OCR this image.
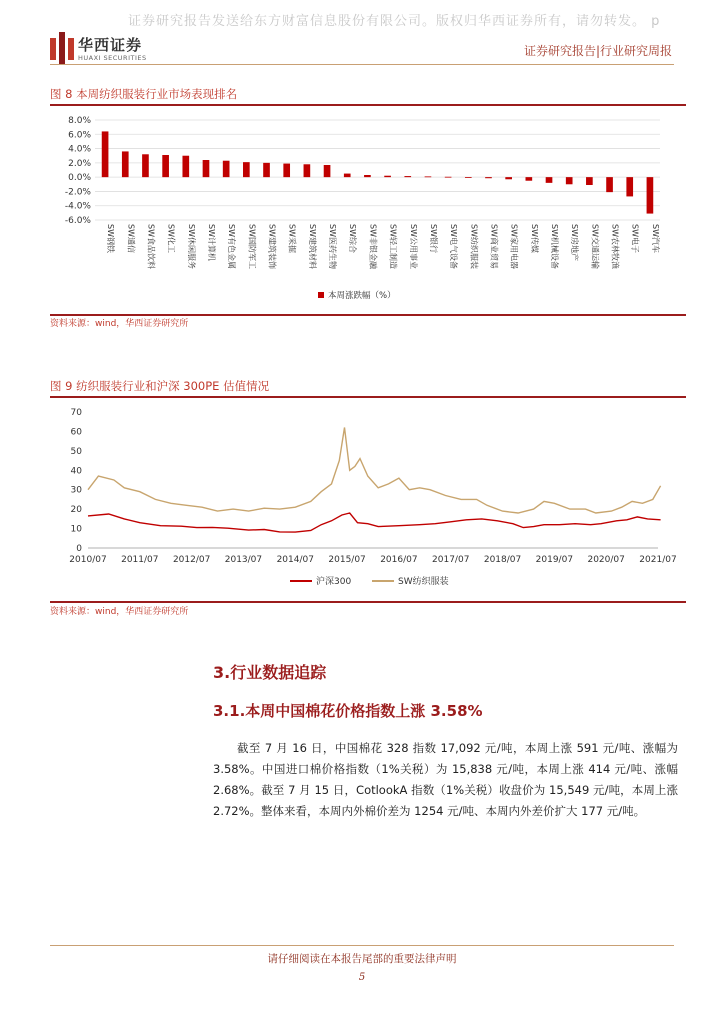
证券研究报告发送给东方财富信息股份有限公司。版权归华西证券所有，请勿转发。 p
华西证券
HUAXI SECURITIES	证券研究报告|行业研究周报
图 8 本周纺织服装行业市场表现排名
-6.0%
-4.0%
-2.0%
0.0%
2.0%
4.0%
6.0%
8.0%
SW钢铁 SW通信 SW食品饮料 SW化工 SW休闲服务 SW计算机 SW有色金属 SW国防军工 SW建筑装饰 SW采掘 SW建筑材料 SW医药生物 SW综合 SW非银金融 SW轻工制造 SW公用事业 SW银行 SW电气设备 SW纺织服装 SW商业贸易 SW家用电器 SW传媒 SW机械设备 SW房地产 SW交通运输 SW农林牧渔 SW电子 SW汽车
本周涨跌幅（%）
资料来源：wind，华西证券研究所
图 9 纺织服装行业和沪深 300PE 估值情况
0
10
20
30
40
50
60
70
2010/07 2011/07 2012/07 2013/07 2014/07 2015/07 2016/07 2017/07 2018/07 2019/07 2020/07 2021/07
沪深300	SW纺织服装
资料来源：wind，华西证券研究所
3.行业数据追踪
3.1.本周中国棉花价格指数上涨 3.58%
截至 7 月 16 日，中国棉花 328 指数 17,092 元/吨，本周上涨 591 元/吨、涨幅为 3.58%。中国进口棉价格指数（1%关税）为 15,838 元/吨，本周上涨 414 元/吨、涨幅 2.68%。截至 7 月 15 日，CotlookA 指数（1%关税）收盘价为 15,549 元/吨，本周上涨 2.72%。整体来看，本周内外棉价差为 1254 元/吨、本周内外差价扩大 177 元/吨。
请仔细阅读在本报告尾部的重要法律声明
5
